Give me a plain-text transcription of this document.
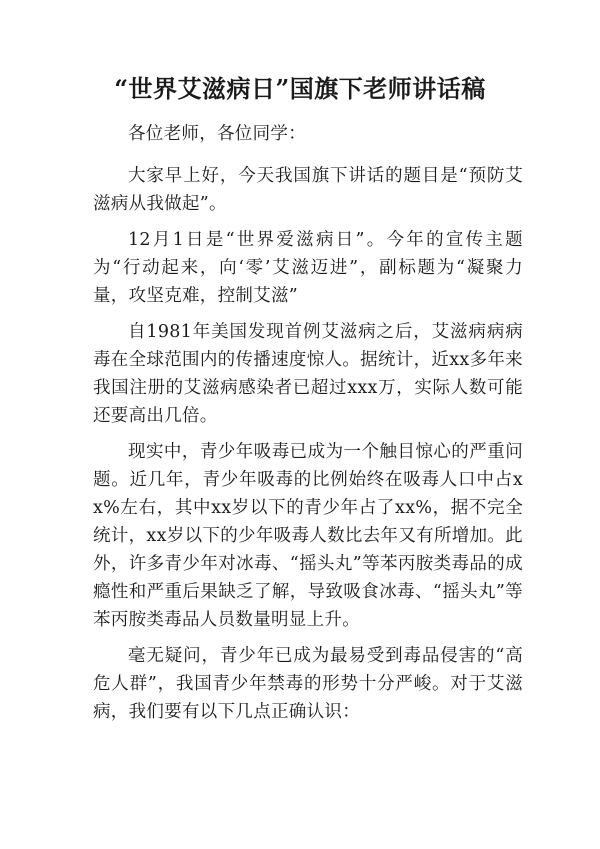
“世界艾滋病日”国旗下老师讲话稿

各位老师，各位同学：

大家早上好，今天我国旗下讲话的题目是“预防艾滋病从我做起”。

12月1日是“世界爱滋病日”。今年的宣传主题为“行动起来，向‘零’艾滋迈进”，副标题为“凝聚力量，攻坚克难，控制艾滋”

自1981年美国发现首例艾滋病之后，艾滋病病病毒在全球范围内的传播速度惊人。据统计，近xx多年来我国注册的艾滋病感染者已超过xxx万，实际人数可能还要高出几倍。

现实中，青少年吸毒已成为一个触目惊心的严重问题。近几年，青少年吸毒的比例始终在吸毒人口中占xx%左右，其中xx岁以下的青少年占了xx%，据不完全统计，xx岁以下的少年吸毒人数比去年又有所增加。此外，许多青少年对冰毒、“摇头丸”等苯丙胺类毒品的成瘾性和严重后果缺乏了解，导致吸食冰毒、“摇头丸”等苯丙胺类毒品人员数量明显上升。

毫无疑问，青少年已成为最易受到毒品侵害的“高危人群”，我国青少年禁毒的形势十分严峻。对于艾滋病，我们要有以下几点正确认识：
